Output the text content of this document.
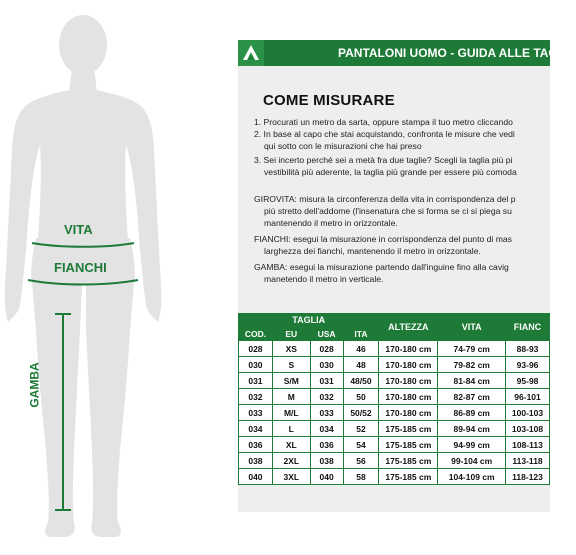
VITA
FIANCHI
GAMBA
PANTALONI UOMO - GUIDA ALLE TAGLIE
COME MISURARE
1. Procurati un metro da sarta, oppure stampa il tuo metro cliccando
2. In base al capo che stai acquistando, confronta le misure che vedi
qui sotto con le misurazioni che hai preso
3. Sei incerto perché sei a metà fra due taglie? Scegli la taglia più pi
vestibilità più aderente, la taglia più grande per essere più comoda
GIROVITA: misura la circonferenza della vita in corrispondenza del p
più stretto dell'addome (l'insenatura che si forma se ci si piega su
mantenendo il metro in orizzontale.
FIANCHI: esegui la misurazione in corrispondenza del punto di mas
larghezza dei fianchi, mantenendo il metro in orizzontale.
GAMBA: esegui la misurazione partendo dall'inguine fino alla cavig
manetendo il metro in verticale.
TAGLIA				ALTEZZA	VITA	FIANC
COD.	EU	USA	ITA			
028	XS	028	46	170-180 cm	74-79 cm	88-93
030	S	030	48	170-180 cm	79-82 cm	93-96
031	S/M	031	48/50	170-180 cm	81-84 cm	95-98
032	M	032	50	170-180 cm	82-87 cm	96-101
033	M/L	033	50/52	170-180 cm	86-89 cm	100-103
034	L	034	52	175-185 cm	89-94 cm	103-108
036	XL	036	54	175-185 cm	94-99 cm	108-113
038	2XL	038	56	175-185 cm	99-104 cm	113-118
040	3XL	040	58	175-185 cm	104-109 cm	118-123
